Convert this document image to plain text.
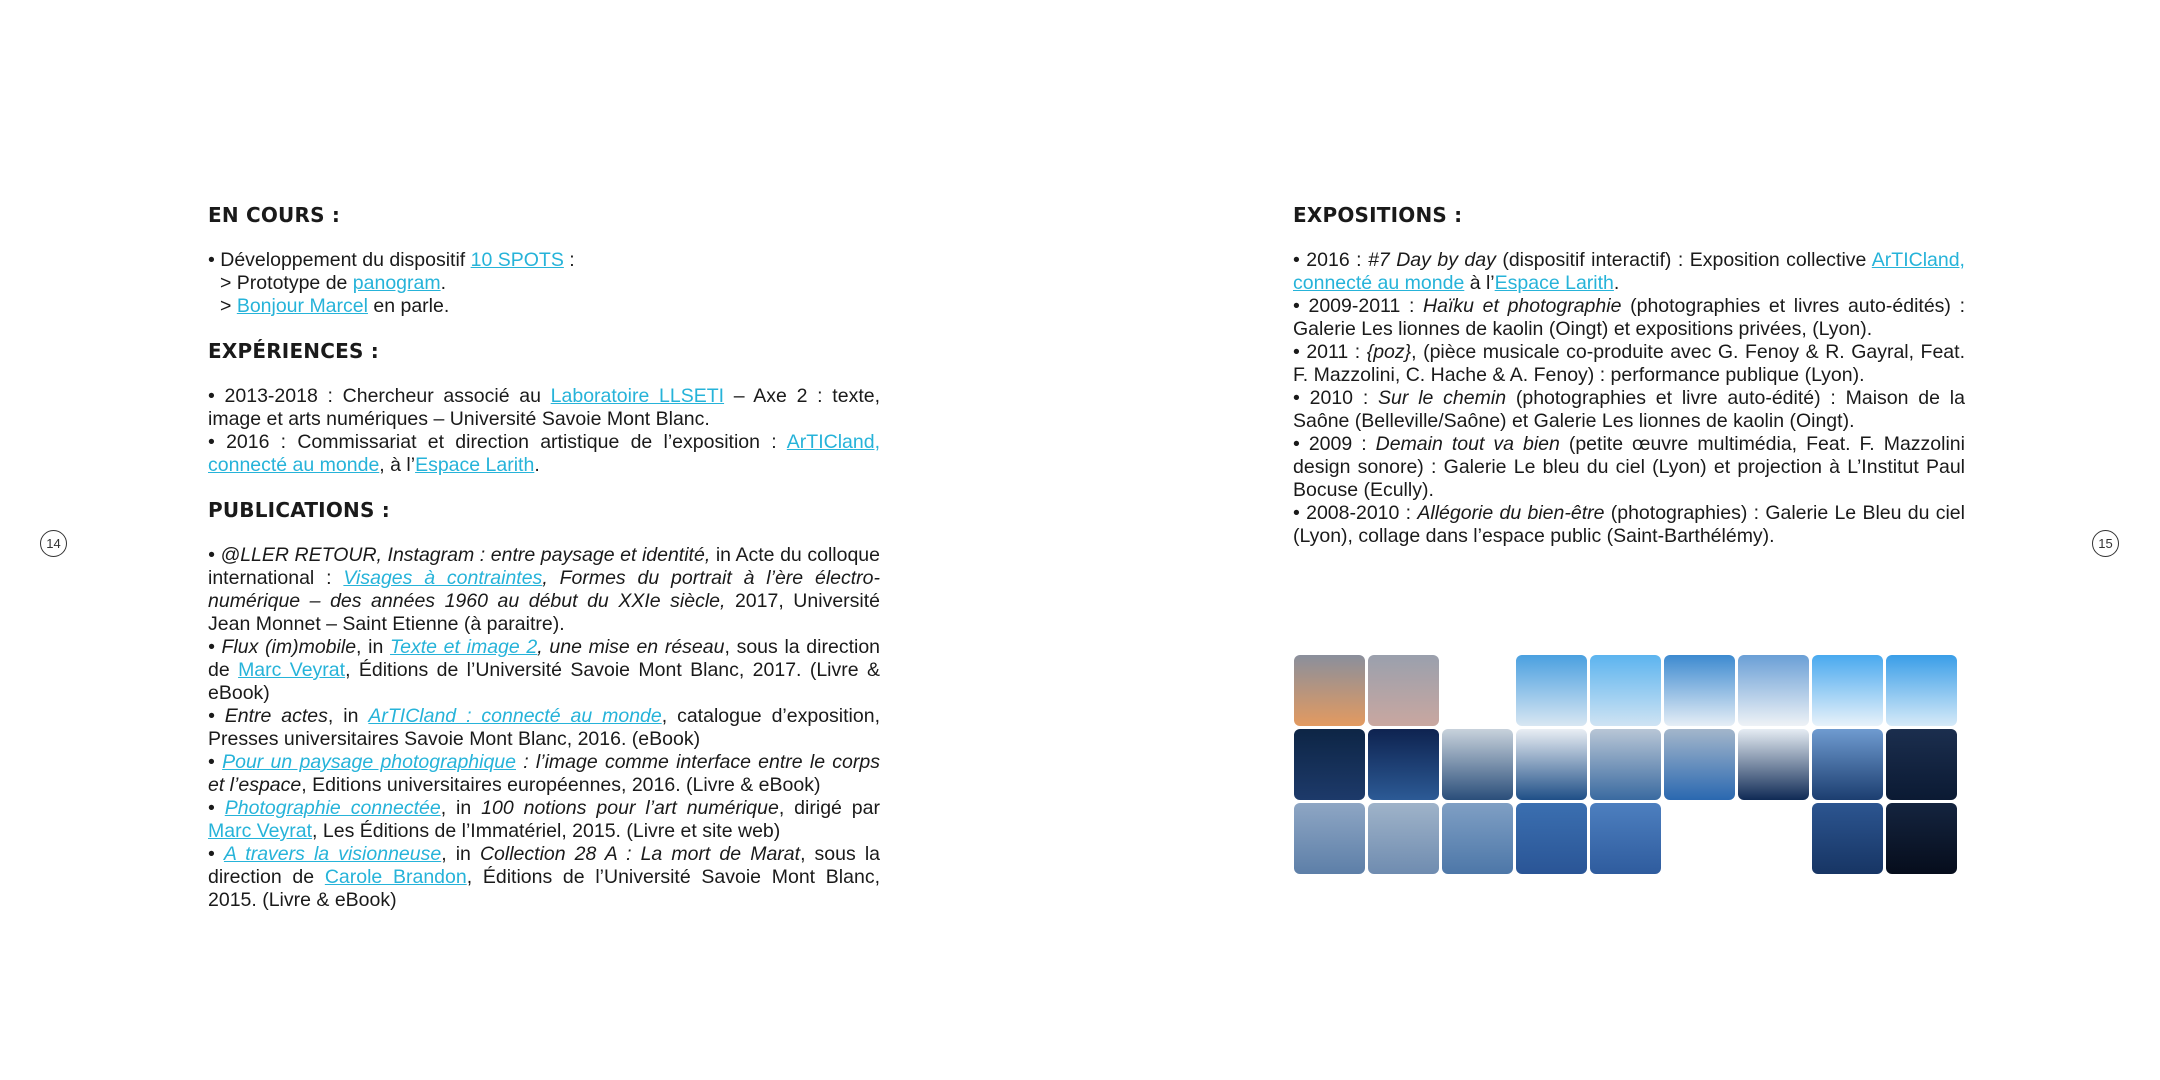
EN COURS :

• Développement du dispositif 10 SPOTS :

> Prototype de panogram.

> Bonjour Marcel en parle.

EXPÉRIENCES :

• 2013-2018 : Chercheur associé au Laboratoire LLSETI – Axe 2 : texte, image et arts numériques – Université Savoie Mont Blanc.

• 2016 : Commissariat et direction artistique de l’exposition : ArTICland, connecté au monde, à l’Espace Larith.

PUBLICATIONS :

• @LLER RETOUR, Instagram : entre paysage et identité, in Acte du colloque international : Visages à contraintes, Formes du portrait à l’ère électro-numérique – des années 1960 au début du XXIe siècle, 2017, Université Jean Monnet – Saint Etienne (à paraitre).

• Flux (im)mobile, in Texte et image 2, une mise en réseau, sous la direction de Marc Veyrat, Éditions de l’Université Savoie Mont Blanc, 2017. (Livre & eBook)

• Entre actes, in ArTICland : connecté au monde, catalogue d’exposition, Presses universitaires Savoie Mont Blanc, 2016. (eBook)

• Pour un paysage photographique : l’image comme interface entre le corps et l’espace, Editions universitaires européennes, 2016. (Livre & eBook)

• Photographie connectée, in 100 notions pour l’art numérique, dirigé par Marc Veyrat, Les Éditions de l’Immatériel, 2015. (Livre et site web)

• A travers la visionneuse, in Collection 28 A : La mort de Marat, sous la direction de Carole Brandon, Éditions de l’Université Savoie Mont Blanc, 2015. (Livre & eBook)

14
EXPOSITIONS :

• 2016 : #7 Day by day (dispositif interactif) : Exposition collective ArTICland, connecté au monde à l’Espace Larith.

• 2009-2011 : Haïku et photographie (photographies et livres auto-édités) : Galerie Les lionnes de kaolin (Oingt) et expositions privées, (Lyon).

• 2011 : {poz}, (pièce musicale co-produite avec G. Fenoy & R. Gayral, Feat. F. Mazzolini, C. Hache & A. Fenoy) : performance publique (Lyon).

• 2010 : Sur le chemin (photographies et livre auto-édité) : Maison de la Saône (Belleville/Saône) et Galerie Les lionnes de kaolin (Oingt).

• 2009 : Demain tout va bien (petite œuvre multimédia, Feat. F. Mazzolini design sonore) : Galerie Le bleu du ciel (Lyon) et projection à L’Institut Paul Bocuse (Ecully).

• 2008-2010 : Allégorie du bien-être (photographies) : Galerie Le Bleu du ciel (Lyon), collage dans l’espace public (Saint-Barthélémy).	15
